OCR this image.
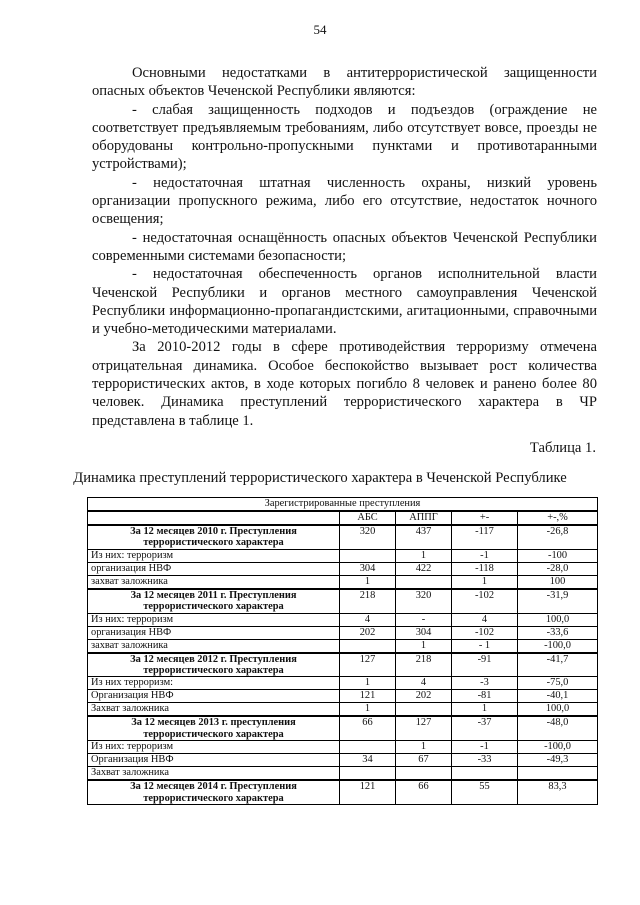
54

Основными недостатками в антитеррористической защищенности опасных объектов Чеченской Республики являются:

- слабая защищенность подходов и подъездов (ограждение не соответствует предъявляемым требованиям, либо отсутствует вовсе, проезды не оборудованы контрольно-пропускными пунктами и противотаранными устройствами);

- недостаточная штатная численность охраны, низкий уровень организации пропускного режима, либо его отсутствие, недостаток ночного освещения;

- недостаточная оснащённость опасных объектов Чеченской Республики современными системами безопасности;

- недостаточная обеспеченность органов исполнительной власти Чеченской Республики и органов местного самоуправления Чеченской Республики информационно-пропагандистскими, агитационными, справочными и учебно-методическими материалами.

За 2010-2012 годы в сфере противодействия терроризму отмечена отрицательная динамика. Особое беспокойство вызывает рост количества террористических актов, в ходе которых погибло 8 человек и ранено более 80 человек. Динамика преступлений террористического характера в ЧР представлена в таблице 1.

Таблица 1.
Динамика преступлений террористического характера в Чеченской Республике
Зарегистрированные преступления				
	АБС	АППГ	+-	+-,%
За 12 месяцев 2010 г. Преступления террористического характера	320	437	-117	-26,8
Из них: терроризм		1	-1	-100
организация НВФ	304	422	-118	-28,0
захват заложника	1		1	100
За 12 месяцев 2011 г. Преступления террористического характера	218	320	-102	-31,9
Из них: терроризм	4	-	4	100,0
организация НВФ	202	304	-102	-33,6
захват заложника		1	- 1	-100,0
За 12 месяцев 2012 г. Преступления террористического характера	127	218	-91	-41,7
Из них терроризм:	1	4	-3	-75,0
Организация НВФ	121	202	-81	-40,1
Захват заложника	1		1	100,0
За 12 месяцев 2013 г. преступления террористического характера	66	127	-37	-48,0
Из них: терроризм		1	-1	-100,0
Организация НВФ	34	67	-33	-49,3
Захват заложника				
За 12 месяцев 2014 г. Преступления террористического характера	121	66	55	83,3
